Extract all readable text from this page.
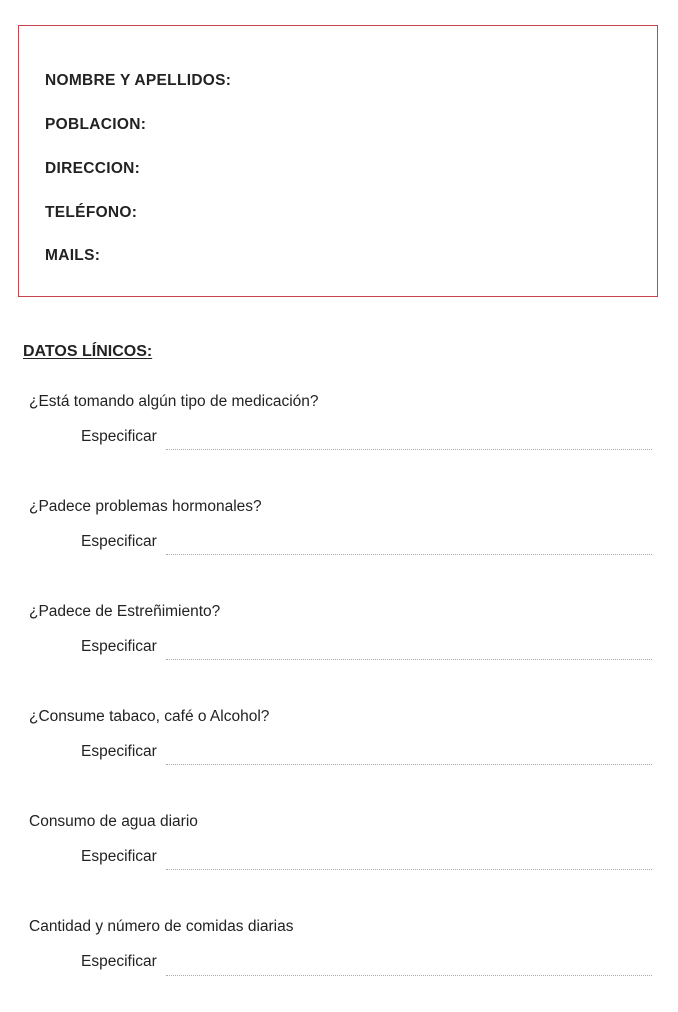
NOMBRE Y APELLIDOS:
POBLACION:
DIRECCION:
TELÉFONO:
MAILS:
DATOS LÍNICOS:
¿Está tomando algún tipo de medicación?
Especificar
¿Padece problemas hormonales?
Especificar
¿Padece de Estreñimiento?
Especificar
¿Consume tabaco, café o Alcohol?
Especificar
Consumo de agua diario
Especificar
Cantidad y número de comidas diarias
Especificar
